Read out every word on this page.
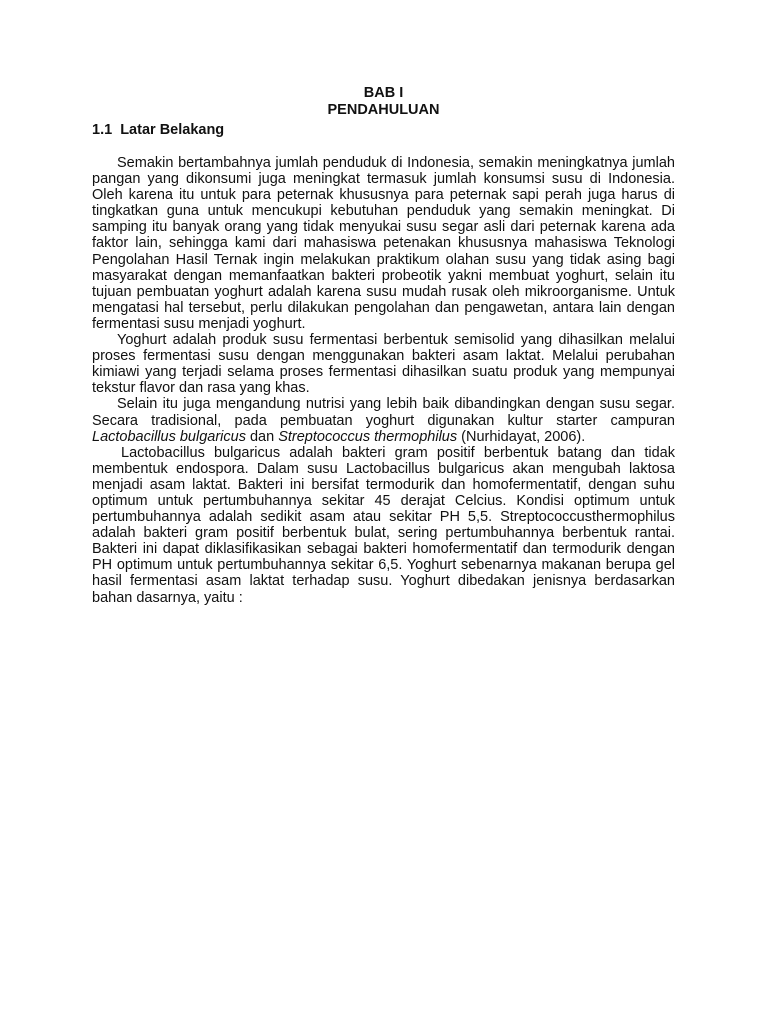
BAB I
PENDAHULUAN
1.1 Latar Belakang

Semakin bertambahnya jumlah penduduk di Indonesia, semakin meningkatnya jumlah pangan yang dikonsumi juga meningkat termasuk jumlah konsumsi susu di Indonesia. Oleh karena itu untuk para peternak khususnya para peternak sapi perah juga harus di tingkatkan guna untuk mencukupi kebutuhan penduduk yang semakin meningkat. Di samping itu banyak orang yang tidak menyukai susu segar asli dari peternak karena ada faktor lain, sehingga kami dari mahasiswa petenakan khususnya mahasiswa Teknologi Pengolahan Hasil Ternak ingin melakukan praktikum olahan susu yang tidak asing bagi masyarakat dengan memanfaatkan bakteri probeotik yakni membuat yoghurt, selain itu tujuan pembuatan yoghurt adalah karena susu mudah rusak oleh mikroorganisme. Untuk mengatasi hal tersebut, perlu dilakukan pengolahan dan pengawetan, antara lain dengan fermentasi susu menjadi yoghurt.

Yoghurt adalah produk susu fermentasi berbentuk semisolid yang dihasilkan melalui proses fermentasi susu dengan menggunakan bakteri asam laktat. Melalui perubahan kimiawi yang terjadi selama proses fermentasi dihasilkan suatu produk yang mempunyai tekstur flavor dan rasa yang khas.

Selain itu juga mengandung nutrisi yang lebih baik dibandingkan dengan susu segar. Secara tradisional, pada pembuatan yoghurt digunakan kultur starter campuran Lactobacillus bulgaricus dan Streptococcus thermophilus (Nurhidayat, 2006).

Lactobacillus bulgaricus adalah bakteri gram positif berbentuk batang dan tidak membentuk endospora. Dalam susu Lactobacillus bulgaricus akan mengubah laktosa menjadi asam laktat. Bakteri ini bersifat termodurik dan homofermentatif, dengan suhu optimum untuk pertumbuhannya sekitar 45 derajat Celcius. Kondisi optimum untuk pertumbuhannya adalah sedikit asam atau sekitar PH 5,5. Streptococcusthermophilus adalah bakteri gram positif berbentuk bulat, sering pertumbuhannya berbentuk rantai. Bakteri ini dapat diklasifikasikan sebagai bakteri homofermentatif dan termodurik dengan PH optimum untuk pertumbuhannya sekitar 6,5. Yoghurt sebenarnya makanan berupa gel hasil fermentasi asam laktat terhadap susu. Yoghurt dibedakan jenisnya berdasarkan bahan dasarnya, yaitu :
